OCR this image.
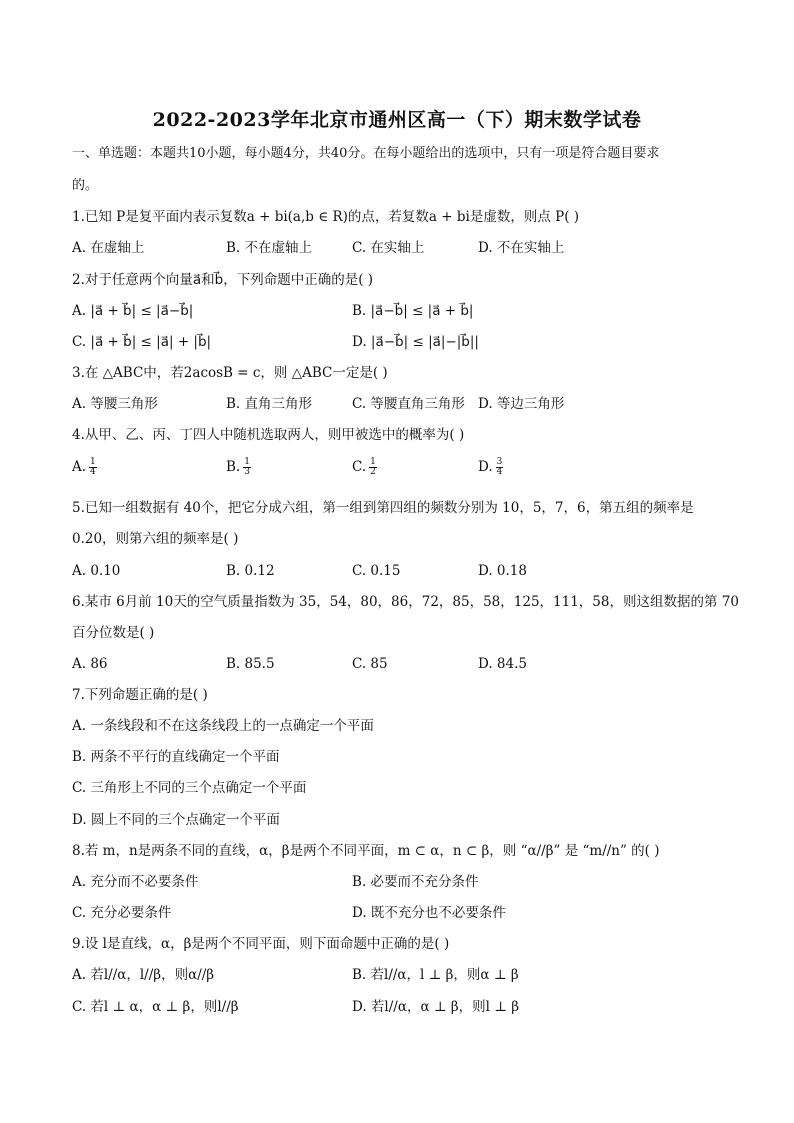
2022-2023学年北京市通州区高一（下）期末数学试卷
一、单选题：本题共10小题，每小题4分，共40分。在每小题给出的选项中，只有一项是符合题目要求
的。
1.已知 P是复平面内表示复数a + bi(a,b ∈ R)的点，若复数a + bi是虚数，则点 P( )
A. 在虚轴上	B. 不在虚轴上	C. 在实轴上	D. 不在实轴上
2.对于任意两个向量a⃗和b⃗，下列命题中正确的是( )
A. |a⃗ + b⃗| ≤ |a⃗−b⃗|	B. |a⃗−b⃗| ≤ |a⃗ + b⃗|
C. |a⃗ + b⃗| ≤ |a⃗| + |b⃗|	D. |a⃗−b⃗| ≤ |a⃗|−|b⃗||
3.在 △ABC中，若2acosB = c，则 △ABC一定是( )
A. 等腰三角形	B. 直角三角形	C. 等腰直角三角形 D. 等边三角形
4.从甲、乙、丙、丁四人中随机选取两人，则甲被选中的概率为( )
A. $\frac{1}{4}$	B. $\frac{1}{3}$	C. $\frac{1}{2}$	D. $\frac{3}{4}$
5.已知一组数据有 40个，把它分成六组，第一组到第四组的频数分别为 10，5，7，6，第五组的频率是
0.20，则第六组的频率是( )
A. 0.10	B. 0.12	C. 0.15	D. 0.18
6.某市 6月前 10天的空气质量指数为 35，54，80，86，72，85，58，125，111，58，则这组数据的第 70
百分位数是( )
A. 86	B. 85.5	C. 85	D. 84.5
7.下列命题正确的是( )
A. 一条线段和不在这条线段上的一点确定一个平面
B. 两条不平行的直线确定一个平面
C. 三角形上不同的三个点确定一个平面
D. 圆上不同的三个点确定一个平面
8.若 m，n是两条不同的直线，α，β是两个不同平面，m ⊂ α，n ⊂ β，则 “α//β” 是 “m//n” 的( )
A. 充分而不必要条件	B. 必要而不充分条件
C. 充分必要条件	D. 既不充分也不必要条件
9.设 l是直线，α，β是两个不同平面，则下面命题中正确的是( )
A. 若l//α，l//β，则α//β	B. 若l//α，l ⊥ β，则α ⊥ β
C. 若l ⊥ α，α ⊥ β，则l//β	D. 若l//α，α ⊥ β，则l ⊥ β
